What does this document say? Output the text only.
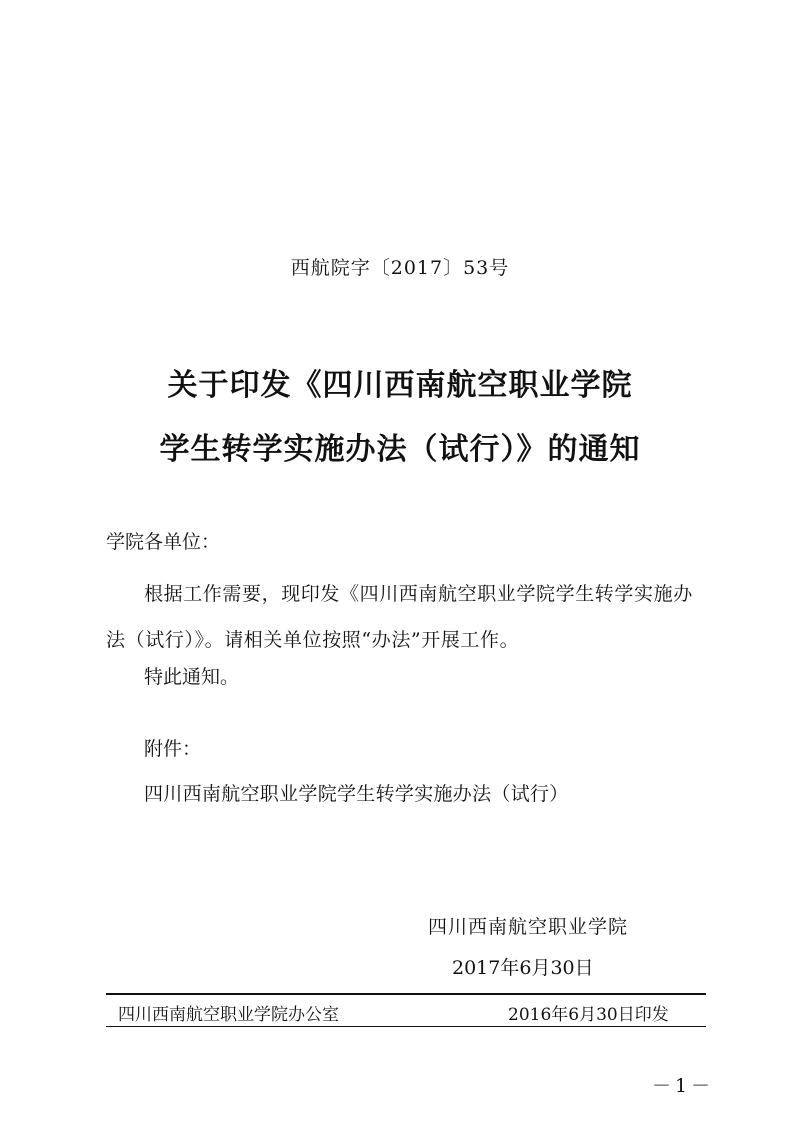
西航院字〔2017〕53号
关于印发《四川西南航空职业学院
学生转学实施办法（试行）》的通知
学院各单位：
根据工作需要，现印发《四川西南航空职业学院学生转学实施办法（试行）》。请相关单位按照“办法”开展工作。
特此通知。
附件：
四川西南航空职业学院学生转学实施办法（试行）
四川西南航空职业学院
2017年6月30日
四川西南航空职业学院办公室	2016年6月30日印发
－1－
